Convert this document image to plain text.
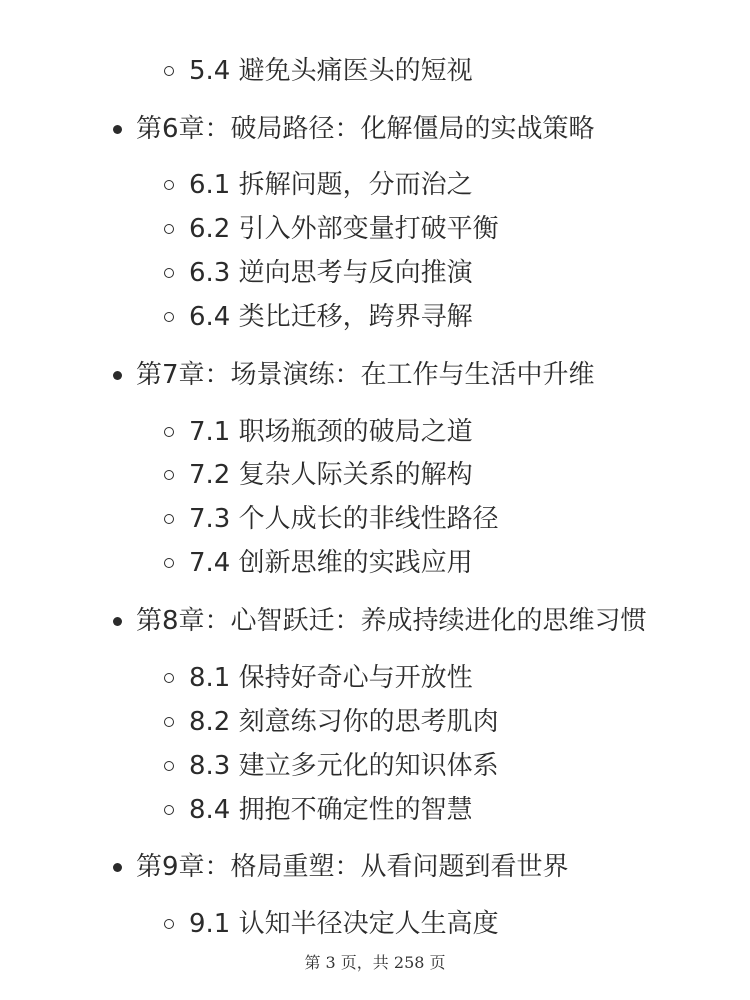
5.4 避免头痛医头的短视
第6章：破局路径：化解僵局的实战策略
6.1 拆解问题，分而治之
6.2 引入外部变量打破平衡
6.3 逆向思考与反向推演
6.4 类比迁移，跨界寻解
第7章：场景演练：在工作与生活中升维
7.1 职场瓶颈的破局之道
7.2 复杂人际关系的解构
7.3 个人成长的非线性路径
7.4 创新思维的实践应用
第8章：心智跃迁：养成持续进化的思维习惯
8.1 保持好奇心与开放性
8.2 刻意练习你的思考肌肉
8.3 建立多元化的知识体系
8.4 拥抱不确定性的智慧
第9章：格局重塑：从看问题到看世界
9.1 认知半径决定人生高度
第 3 页，共 258 页
